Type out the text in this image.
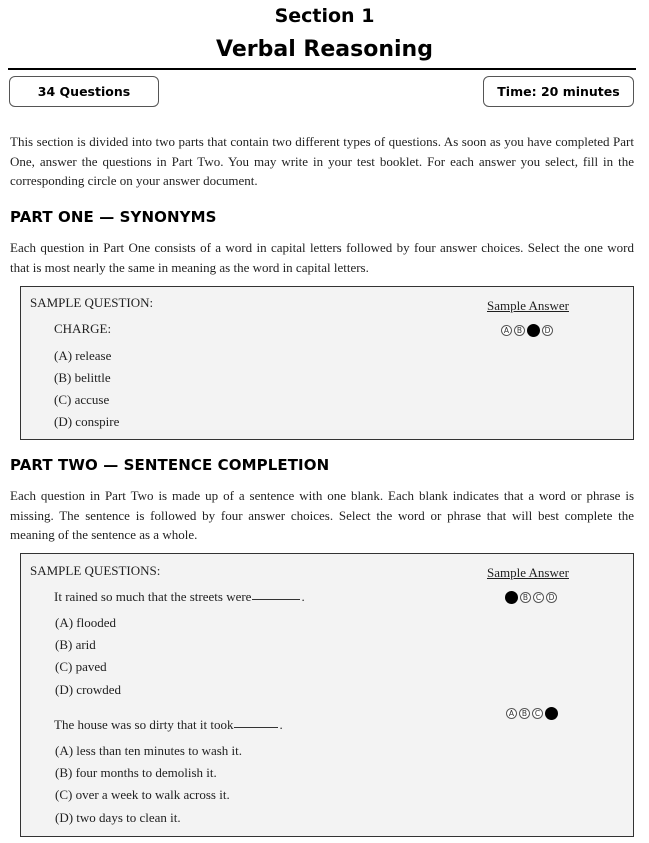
Section 1
Verbal Reasoning
34 Questions	Time: 20 minutes
This section is divided into two parts that contain two different types of questions. As soon as you have completed Part One, answer the questions in Part Two. You may write in your test booklet. For each answer you select, fill in the corresponding circle on your answer document.
PART ONE — SYNONYMS
Each question in Part One consists of a word in capital letters followed by four answer choices. Select the one word that is most nearly the same in meaning as the word in capital letters.
SAMPLE QUESTION:	Sample Answer
CHARGE:	A	B	D
(A) release
(B) belittle
(C) accuse
(D) conspire
PART TWO — SENTENCE COMPLETION
Each question in Part Two is made up of a sentence with one blank. Each blank indicates that a word or phrase is missing. The sentence is followed by four answer choices. Select the word or phrase that will best complete the meaning of the sentence as a whole.
SAMPLE QUESTIONS:	Sample Answer
It rained so much that the streets were	.	B	C D
(A) flooded
(B) arid
(C) paved
(D) crowded
A	B	C
The house was so dirty that it took	.
(A) less than ten minutes to wash it.
(B) four months to demolish it.
(C) over a week to walk across it.
(D) two days to clean it.
